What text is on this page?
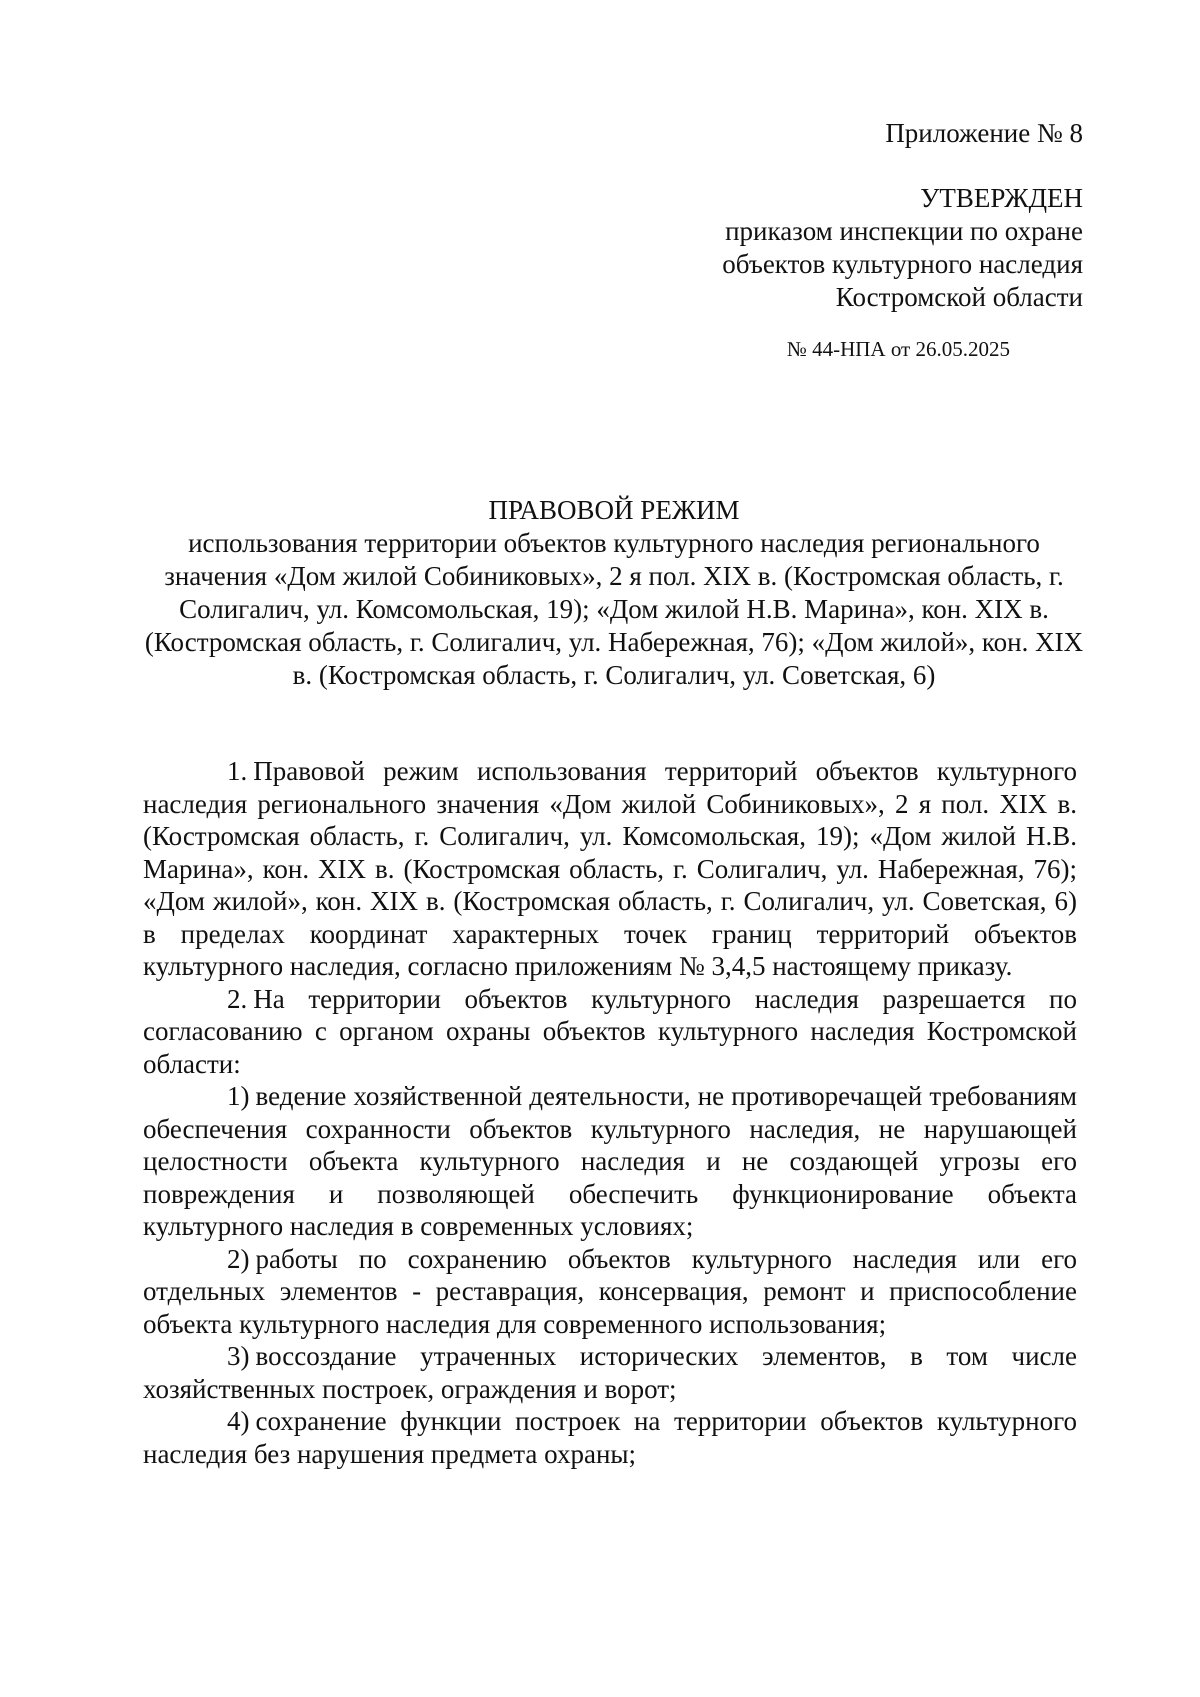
Приложение № 8
УТВЕРЖДЕН
приказом инспекции по охране
объектов культурного наследия
Костромской области
№ 44-НПА от 26.05.2025
ПРАВОВОЙ РЕЖИМ
использования территории объектов культурного наследия регионального значения «Дом жилой Собиниковых», 2 я пол. XIX в. (Костромская область, г. Солигалич, ул. Комсомольская, 19); «Дом жилой Н.В. Марина», кон. XIX в. (Костромская область, г. Солигалич, ул. Набережная, 76); «Дом жилой», кон. XIX в. (Костромская область, г. Солигалич, ул. Советская, 6)

1. Правовой режим использования территорий объектов культурного наследия регионального значения «Дом жилой Собиниковых», 2 я пол. XIX в. (Костромская область, г. Солигалич, ул. Комсомольская, 19); «Дом жилой Н.В. Марина», кон. XIX в. (Костромская область, г. Солигалич, ул. Набережная, 76); «Дом жилой», кон. XIX в. (Костромская область, г. Солигалич, ул. Советская, 6) в пределах координат характерных точек границ территорий объектов культурного наследия, согласно приложениям № 3,4,5 настоящему приказу.

2. На территории объектов культурного наследия разрешается по согласованию с органом охраны объектов культурного наследия Костромской области:

1) ведение хозяйственной деятельности, не противоречащей требованиям обеспечения сохранности объектов культурного наследия, не нарушающей целостности объекта культурного наследия и не создающей угрозы его повреждения и позволяющей обеспечить функционирование объекта культурного наследия в современных условиях;

2) работы по сохранению объектов культурного наследия или его отдельных элементов - реставрация, консервация, ремонт и приспособление объекта культурного наследия для современного использования;

3) воссоздание утраченных исторических элементов, в том числе хозяйственных построек, ограждения и ворот;

4) сохранение функции построек на территории объектов культурного наследия без нарушения предмета охраны;
